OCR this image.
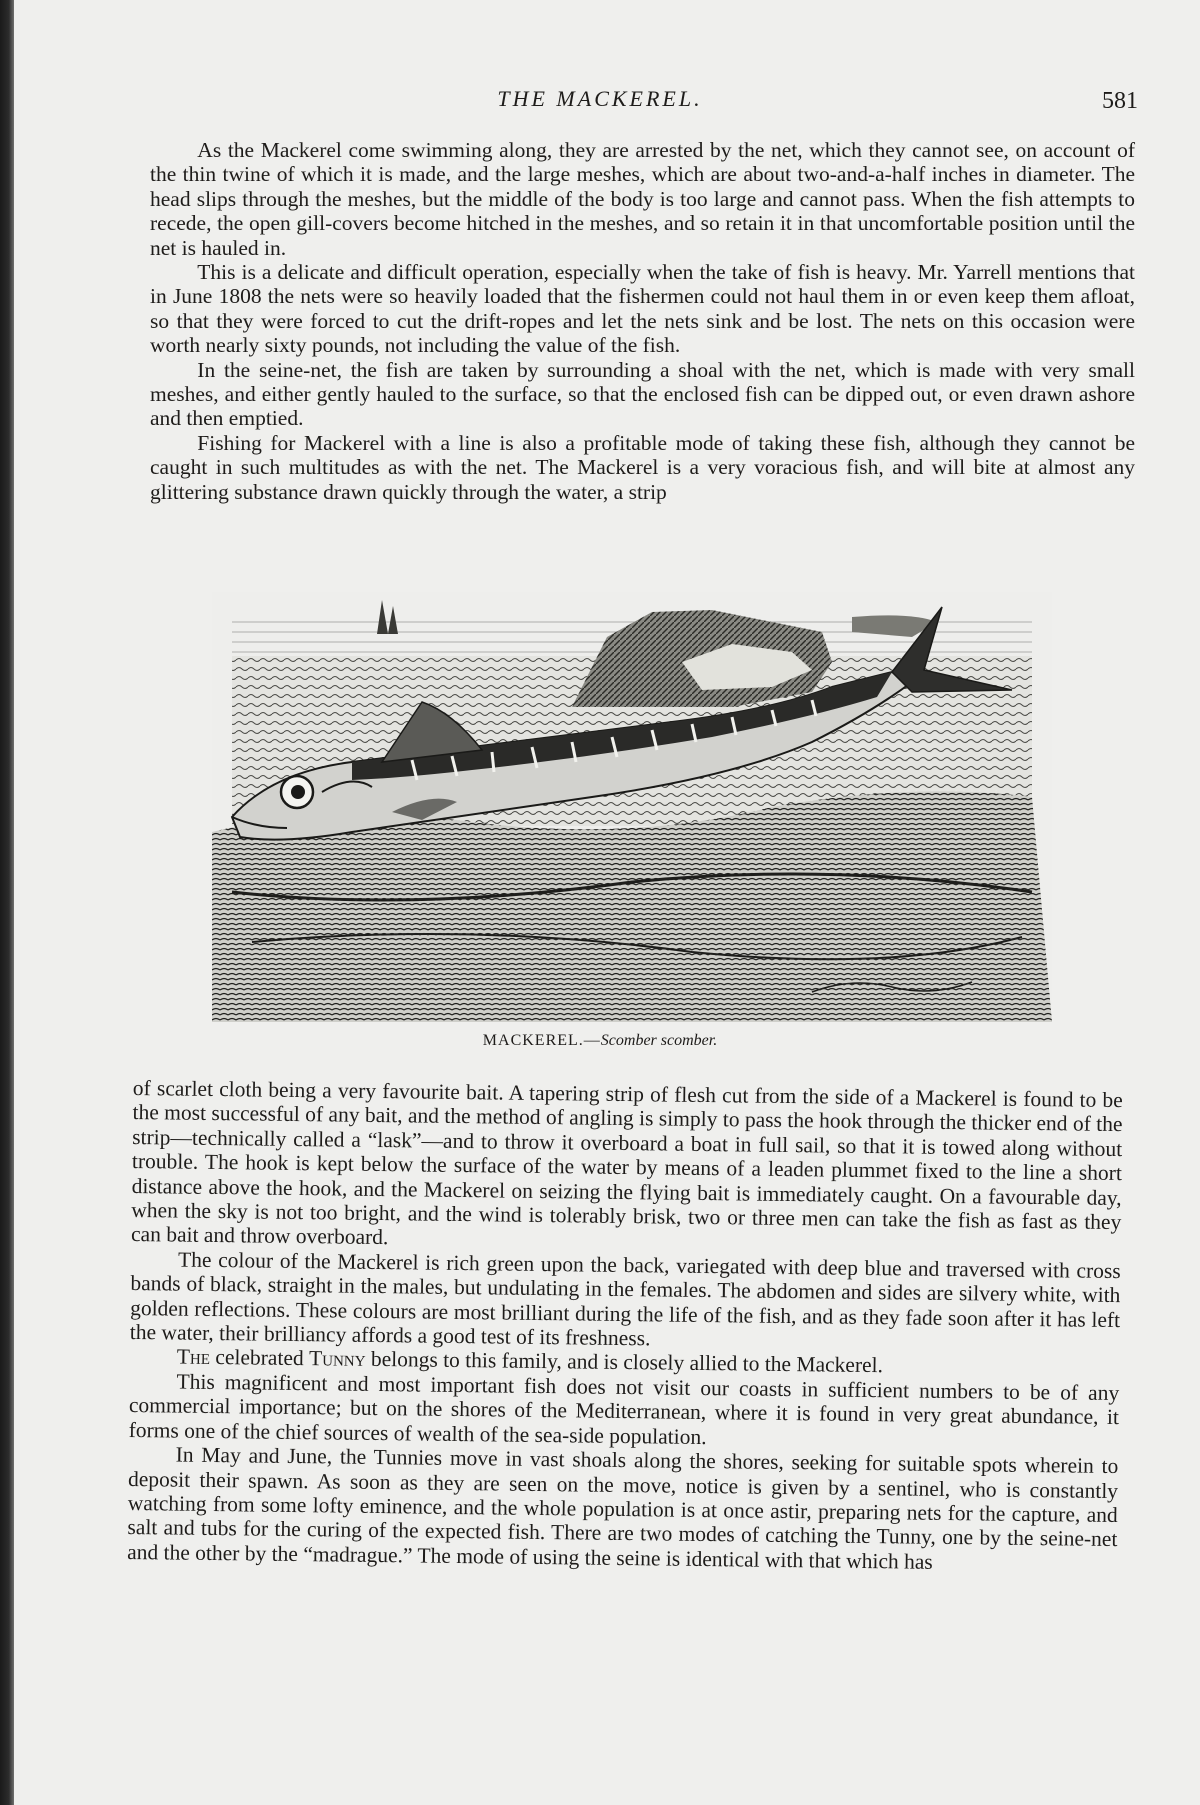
THE MACKEREL.	581

As the Mackerel come swimming along, they are arrested by the net, which they cannot see, on account of the thin twine of which it is made, and the large meshes, which are about two-and-a-half inches in diameter. The head slips through the meshes, but the middle of the body is too large and cannot pass. When the fish attempts to recede, the open gill-covers become hitched in the meshes, and so retain it in that uncomfortable position until the net is hauled in.

This is a delicate and difficult operation, especially when the take of fish is heavy. Mr. Yarrell mentions that in June 1808 the nets were so heavily loaded that the fishermen could not haul them in or even keep them afloat, so that they were forced to cut the drift-ropes and let the nets sink and be lost. The nets on this occasion were worth nearly sixty pounds, not including the value of the fish.

In the seine-net, the fish are taken by surrounding a shoal with the net, which is made with very small meshes, and either gently hauled to the surface, so that the enclosed fish can be dipped out, or even drawn ashore and then emptied.

Fishing for Mackerel with a line is also a profitable mode of taking these fish, although they cannot be caught in such multitudes as with the net. The Mackerel is a very voracious fish, and will bite at almost any glittering substance drawn quickly through the water, a strip

MACKEREL.—Scomber scomber.

of scarlet cloth being a very favourite bait. A tapering strip of flesh cut from the side of a Mackerel is found to be the most successful of any bait, and the method of angling is simply to pass the hook through the thicker end of the strip—technically called a “lask”—and to throw it overboard a boat in full sail, so that it is towed along without trouble. The hook is kept below the surface of the water by means of a leaden plummet fixed to the line a short distance above the hook, and the Mackerel on seizing the flying bait is immediately caught. On a favourable day, when the sky is not too bright, and the wind is tolerably brisk, two or three men can take the fish as fast as they can bait and throw overboard.

The colour of the Mackerel is rich green upon the back, variegated with deep blue and traversed with cross bands of black, straight in the males, but undulating in the females. The abdomen and sides are silvery white, with golden reflections. These colours are most brilliant during the life of the fish, and as they fade soon after it has left the water, their brilliancy affords a good test of its freshness.

The celebrated Tunny belongs to this family, and is closely allied to the Mackerel.

This magnificent and most important fish does not visit our coasts in sufficient numbers to be of any commercial importance; but on the shores of the Mediterranean, where it is found in very great abundance, it forms one of the chief sources of wealth of the sea-side population.

In May and June, the Tunnies move in vast shoals along the shores, seeking for suitable spots wherein to deposit their spawn. As soon as they are seen on the move, notice is given by a sentinel, who is constantly watching from some lofty eminence, and the whole population is at once astir, preparing nets for the capture, and salt and tubs for the curing of the expected fish. There are two modes of catching the Tunny, one by the seine-net and the other by the “madrague.” The mode of using the seine is identical with that which has
